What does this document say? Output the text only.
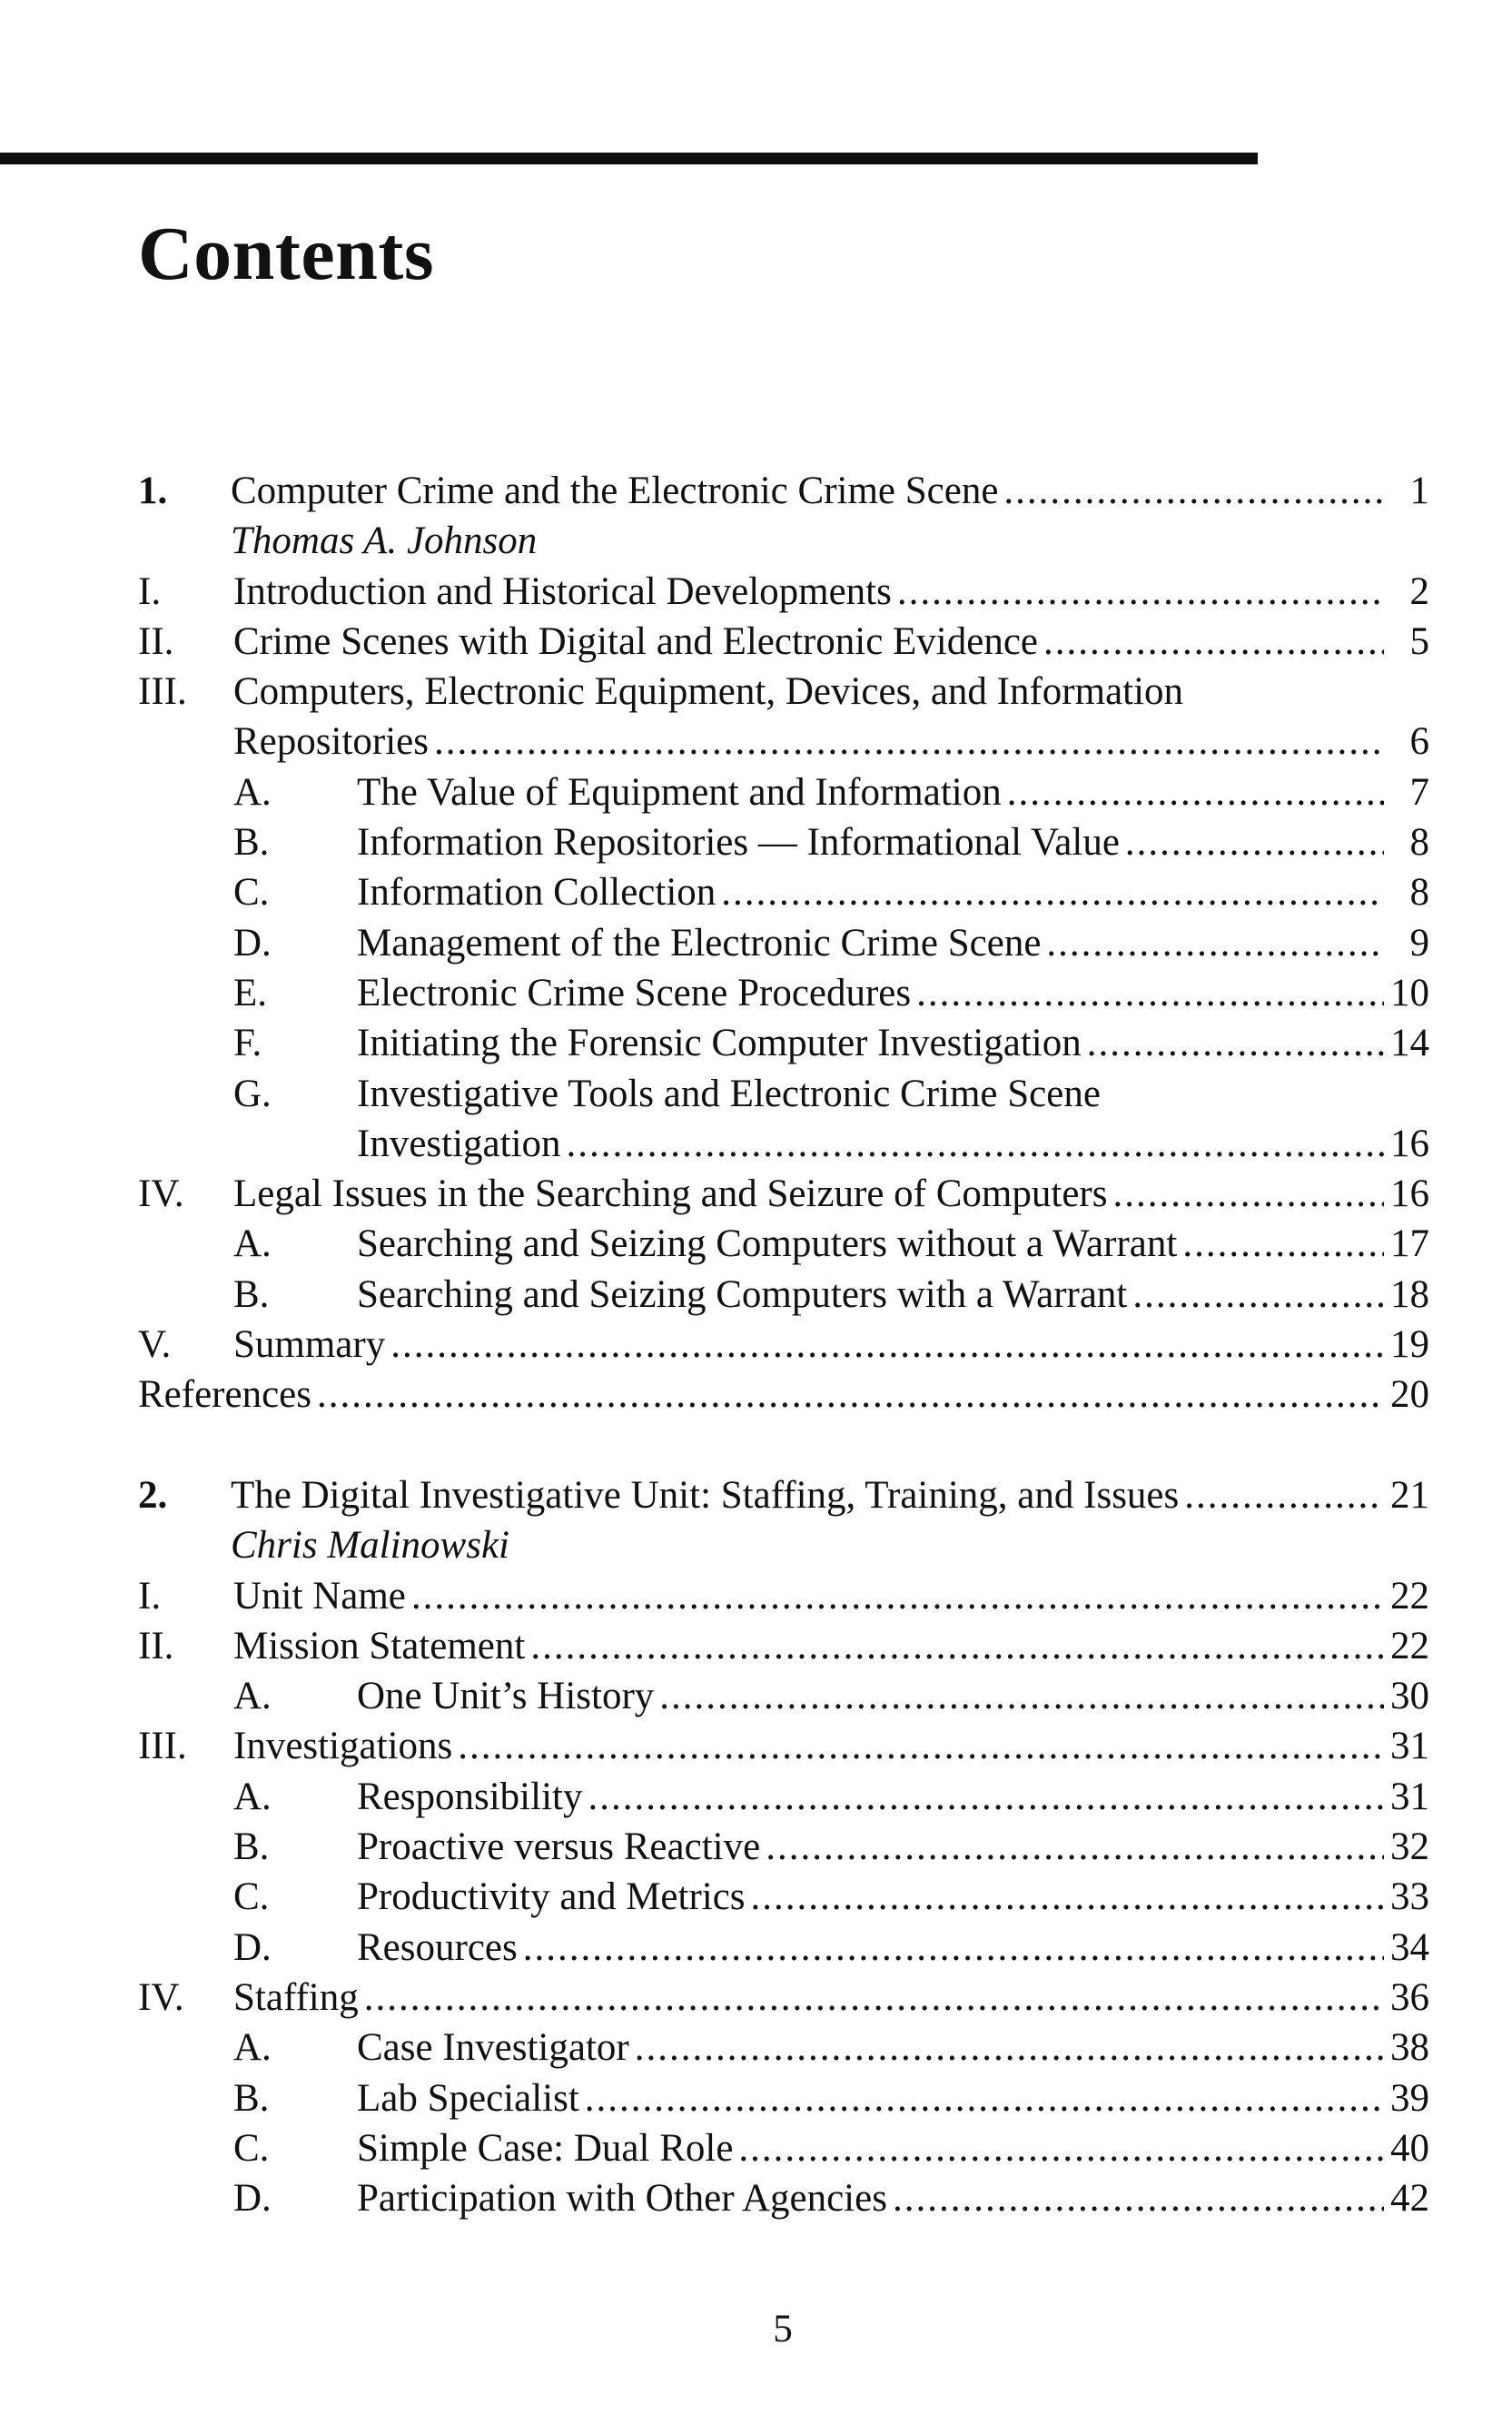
Contents
1. Computer Crime and the Electronic Crime Scene .....	1
Thomas A. Johnson
I. Introduction and Historical Developments .....	2
II. Crime Scenes with Digital and Electronic Evidence .....	5
III. Computers, Electronic Equipment, Devices, and Information
Repositories .....	6
A. The Value of Equipment and Information .....	7
B. Information Repositories — Informational Value .....	8
C. Information Collection .....	8
D. Management of the Electronic Crime Scene .....	9
E. Electronic Crime Scene Procedures .....	10
F. Initiating the Forensic Computer Investigation .....	14
G. Investigative Tools and Electronic Crime Scene
Investigation .....	16
IV. Legal Issues in the Searching and Seizure of Computers .....	16
A. Searching and Seizing Computers without a Warrant .....	17
B. Searching and Seizing Computers with a Warrant .....	18
V. Summary .....	19
References .....	20
2. The Digital Investigative Unit: Staffing, Training, and Issues .....	21
Chris Malinowski
I. Unit Name .....	22
II. Mission Statement .....	22
A. One Unit’s History .....	30
III. Investigations .....	31
A. Responsibility .....	31
B. Proactive versus Reactive .....	32
C. Productivity and Metrics .....	33
D. Resources .....	34
IV. Staffing .....	36
A. Case Investigator .....	38
B. Lab Specialist .....	39
C. Simple Case: Dual Role .....	40
D. Participation with Other Agencies .....	42
5
